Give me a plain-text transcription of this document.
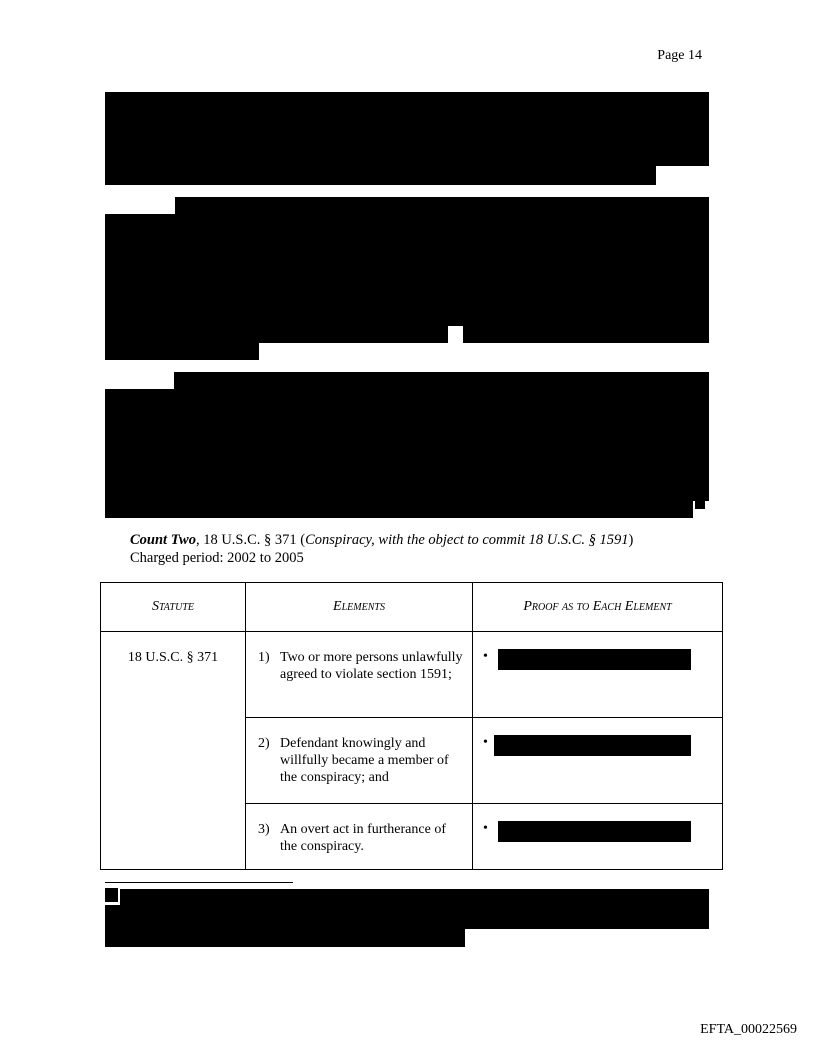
Page 14
Count Two, 18 U.S.C. § 371 (Conspiracy, with the object to commit 18 U.S.C. § 1591)
Charged period: 2002 to 2005
Statute	Elements	Proof as to Each Element
18 U.S.C. § 371	1) Two or more persons unlawfully agreed to violate section 1591;	•

	2) Defendant knowingly and willfully became a member of the conspiracy; and	•

	3) An overt act in furtherance of the conspiracy.	•
EFTA_00022569
